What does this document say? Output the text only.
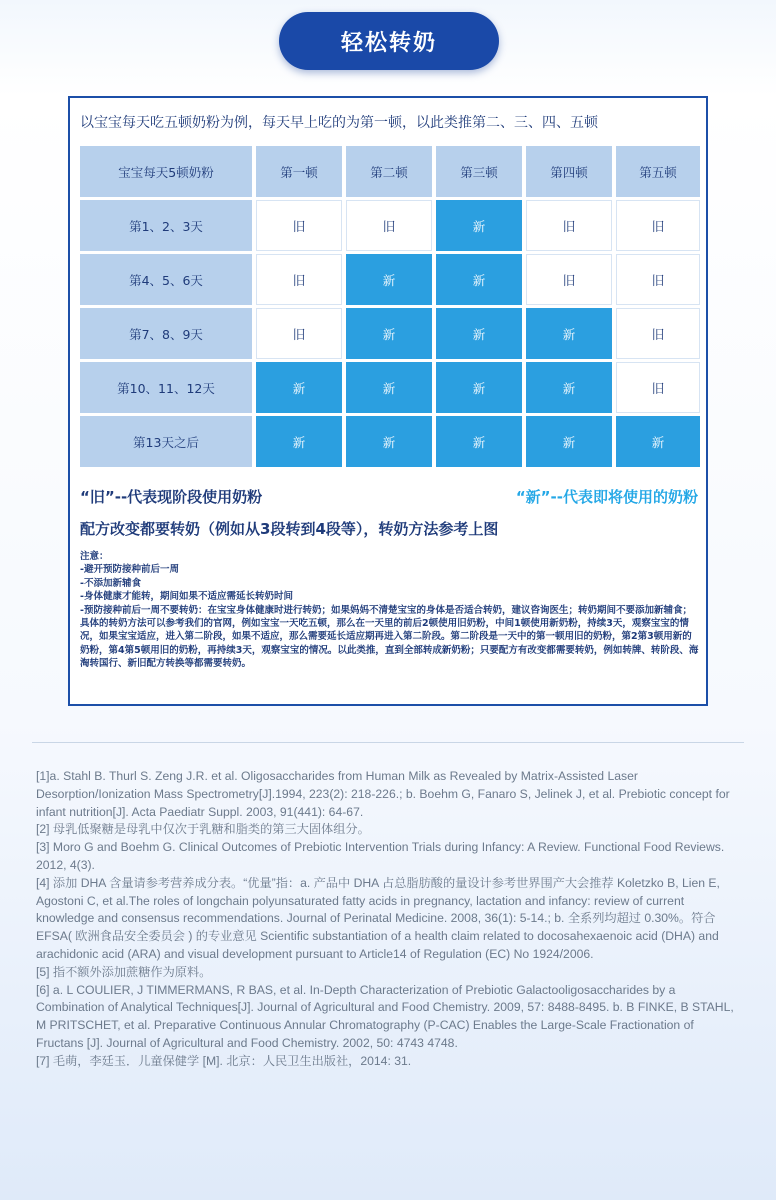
轻松转奶
以宝宝每天吃五顿奶粉为例，每天早上吃的为第一顿，以此类推第二、三、四、五顿
宝宝每天5顿奶粉	第一顿	第二顿	第三顿	第四顿	第五顿
第1、2、3天	旧	旧	新	旧	旧
第4、5、6天	旧	新	新	旧	旧
第7、8、9天	旧	新	新	新	旧
第10、11、12天	新	新	新	新	旧
第13天之后	新	新	新	新	新
“旧”--代表现阶段使用奶粉	“新”--代表即将使用的奶粉
配方改变都要转奶（例如从3段转到4段等），转奶方法参考上图

注意：

-避开预防接种前后一周

-不添加新辅食

-身体健康才能转，期间如果不适应需延长转奶时间

-预防接种前后一周不要转奶：在宝宝身体健康时进行转奶；如果妈妈不清楚宝宝的身体是否适合转奶，建议咨询医生；转奶期间不要添加新辅食；具体的转奶方法可以参考我们的官网，例如宝宝一天吃五顿，那么在一天里的前后2顿使用旧奶粉，中间1顿使用新奶粉，持续3天，观察宝宝的情况，如果宝宝适应，进入第二阶段，如果不适应，那么需要延长适应期再进入第二阶段。第二阶段是一天中的第一顿用旧的奶粉，第2第3顿用新的奶粉，第4第5顿用旧的奶粉，再持续3天，观察宝宝的情况。以此类推，直到全部转成新奶粉；只要配方有改变都需要转奶，例如转牌、转阶段、海淘转国行、新旧配方转换等都需要转奶。

[1]a. Stahl B. Thurl S. Zeng J.R. et al. Oligosaccharides from Human Milk as Revealed by Matrix-Assisted Laser Desorption/Ionization Mass Spectrometry[J].1994, 223(2): 218-226.; b. Boehm G, Fanaro S, Jelinek J, et al. Prebiotic concept for infant nutrition[J]. Acta Paediatr Suppl. 2003, 91(441): 64-67.

[2] 母乳低聚糖是母乳中仅次于乳糖和脂类的第三大固体组分。

[3] Moro G and Boehm G. Clinical Outcomes of Prebiotic Intervention Trials during Infancy: A Review. Functional Food Reviews. 2012, 4(3).

[4] 添加 DHA 含量请参考营养成分表。“优量”指：a. 产品中 DHA 占总脂肪酸的量设计参考世界围产大会推荐 Koletzko B, Lien E, Agostoni C, et al.The roles of longchain polyunsaturated fatty acids in pregnancy, lactation and infancy: review of current knowledge and consensus recommendations. Journal of Perinatal Medicine. 2008, 36(1): 5-14.; b. 全系列均超过 0.30%。符合 EFSA( 欧洲食品安全委员会 ) 的专业意见 Scientific substantiation of a health claim related to docosahexaenoic acid (DHA) and arachidonic acid (ARA) and visual development pursuant to Article14 of Regulation (EC) No 1924/2006.

[5] 指不额外添加蔗糖作为原料。

[6] a. L COULIER, J TIMMERMANS, R BAS, et al. In-Depth Characterization of Prebiotic Galactooligosaccharides by a Combination of Analytical Techniques[J]. Journal of Agricultural and Food Chemistry. 2009, 57: 8488-8495. b. B FINKE, B STAHL, M PRITSCHET, et al. Preparative Continuous Annular Chromatography (P-CAC) Enables the Large-Scale Fractionation of Fructans [J]. Journal of Agricultural and Food Chemistry. 2002, 50: 4743 4748.

[7] 毛萌，李廷玉．儿童保健学 [M]. 北京：人民卫生出版社，2014: 31.
